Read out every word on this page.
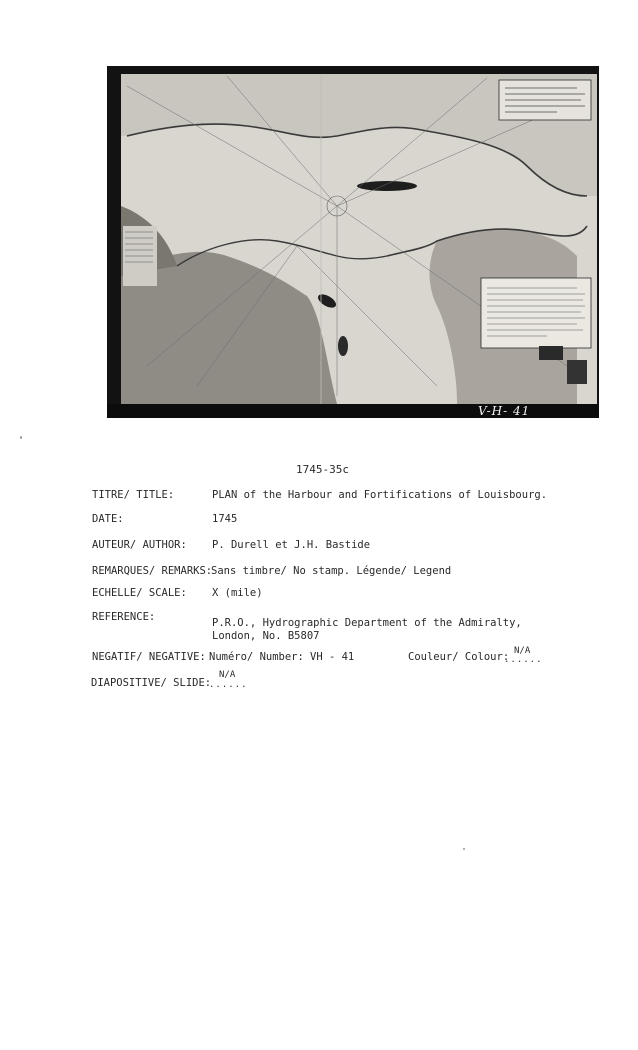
V-H- 41
1745-35c
TITRE/ TITLE:	PLAN of the Harbour and Fortifications of Louisbourg.
DATE:	1745
AUTEUR/ AUTHOR: P. Durell et J.H. Bastide
REMARQUES/ REMARKS:
Sans timbre/ No stamp. Légende/ Legend
ECHELLE/ SCALE: X (mile)
REFERENCE:	P.R.O., Hydrographic Department of the Admiralty,
London, No. B5807
NEGATIF/ NEGATIVE: Numéro/ Number: VH - 41	Couleur/ Colour: N/A
......
DIAPOSITIVE/ SLIDE:
N/A
......
